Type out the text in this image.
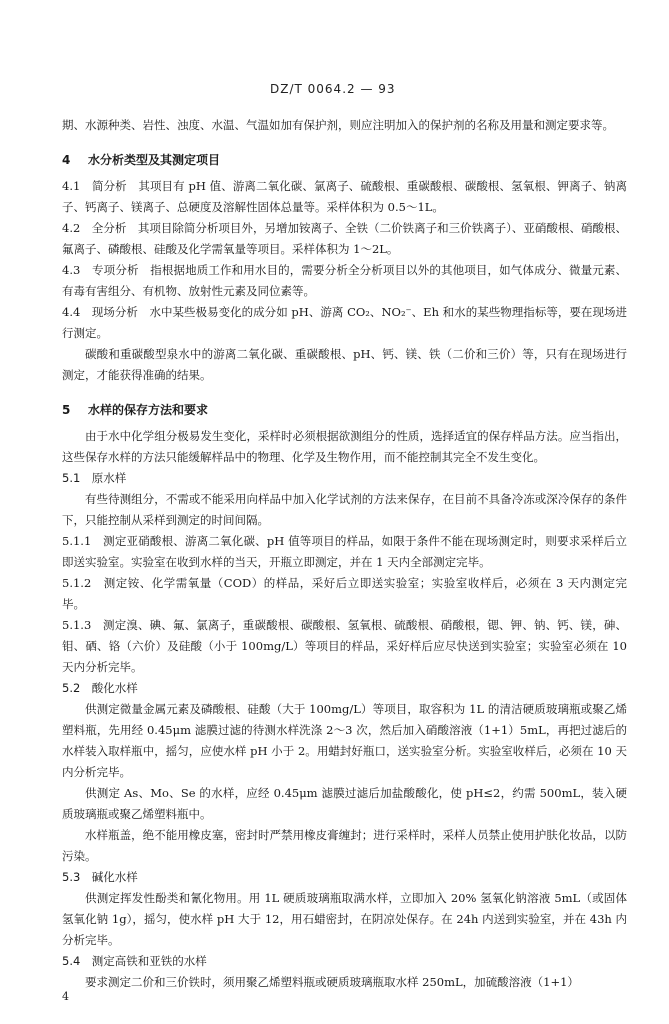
DZ/T 0064.2 — 93

期、水源种类、岩性、浊度、水温、气温如加有保护剂，则应注明加入的保护剂的名称及用量和测定要求等。

4 水分析类型及其测定项目

4.1　简分析　其项目有 pH 值、游离二氧化碳、氯离子、硫酸根、重碳酸根、碳酸根、氢氧根、钾离子、钠离子、钙离子、镁离子、总硬度及溶解性固体总量等。采样体积为 0.5～1L。

4.2　全分析　其项目除简分析项目外，另增加铵离子、全铁（二价铁离子和三价铁离子）、亚硝酸根、硝酸根、氟离子、磷酸根、硅酸及化学需氧量等项目。采样体积为 1～2L。

4.3　专项分析　指根据地质工作和用水目的，需要分析全分析项目以外的其他项目，如气体成分、微量元素、有毒有害组分、有机物、放射性元素及同位素等。

4.4　现场分析　水中某些极易变化的成分如 pH、游离 CO₂、NO₂⁻、Eh 和水的某些物理指标等，要在现场进行测定。

碳酸和重碳酸型泉水中的游离二氧化碳、重碳酸根、pH、钙、镁、铁（二价和三价）等，只有在现场进行测定，才能获得准确的结果。

5 水样的保存方法和要求

由于水中化学组分极易发生变化，采样时必须根据欲测组分的性质，选择适宜的保存样品方法。应当指出，这些保存水样的方法只能缓解样品中的物理、化学及生物作用，而不能控制其完全不发生变化。

5.1　原水样

有些待测组分，不需或不能采用向样品中加入化学试剂的方法来保存，在目前不具备冷冻或深冷保存的条件下，只能控制从采样到测定的时间间隔。

5.1.1　测定亚硝酸根、游离二氧化碳、pH 值等项目的样品，如限于条件不能在现场测定时，则要求采样后立即送实验室。实验室在收到水样的当天，开瓶立即测定，并在 1 天内全部测定完毕。

5.1.2　测定铵、化学需氧量（COD）的样品，采好后立即送实验室；实验室收样后，必须在 3 天内测定完毕。

5.1.3　测定溴、碘、氟、氯离子，重碳酸根、碳酸根、氢氧根、硫酸根、硝酸根，锶、钾、钠、钙、镁，砷、钼、硒、铬（六价）及硅酸（小于 100mg/L）等项目的样品，采好样后应尽快送到实验室；实验室必须在 10 天内分析完毕。

5.2　酸化水样

供测定微量金属元素及磷酸根、硅酸（大于 100mg/L）等项目，取容积为 1L 的清洁硬质玻璃瓶或聚乙烯塑料瓶，先用经 0.45μm 滤膜过滤的待测水样洗涤 2～3 次，然后加入硝酸溶液（1+1）5mL，再把过滤后的水样装入取样瓶中，摇匀，应使水样 pH 小于 2。用蜡封好瓶口，送实验室分析。实验室收样后，必须在 10 天内分析完毕。

供测定 As、Mo、Se 的水样，应经 0.45μm 滤膜过滤后加盐酸酸化，使 pH≤2，约需 500mL，装入硬质玻璃瓶或聚乙烯塑料瓶中。

水样瓶盖，绝不能用橡皮塞，密封时严禁用橡皮膏缠封；进行采样时，采样人员禁止使用护肤化妆品，以防污染。

5.3　碱化水样

供测定挥发性酚类和氰化物用。用 1L 硬质玻璃瓶取满水样，立即加入 20% 氢氧化钠溶液 5mL（或固体氢氧化钠 1g），摇匀，使水样 pH 大于 12，用石蜡密封，在阴凉处保存。在 24h 内送到实验室，并在 43h 内分析完毕。

5.4　测定高铁和亚铁的水样

要求测定二价和三价铁时，须用聚乙烯塑料瓶或硬质玻璃瓶取水样 250mL，加硫酸溶液（1+1）

4
